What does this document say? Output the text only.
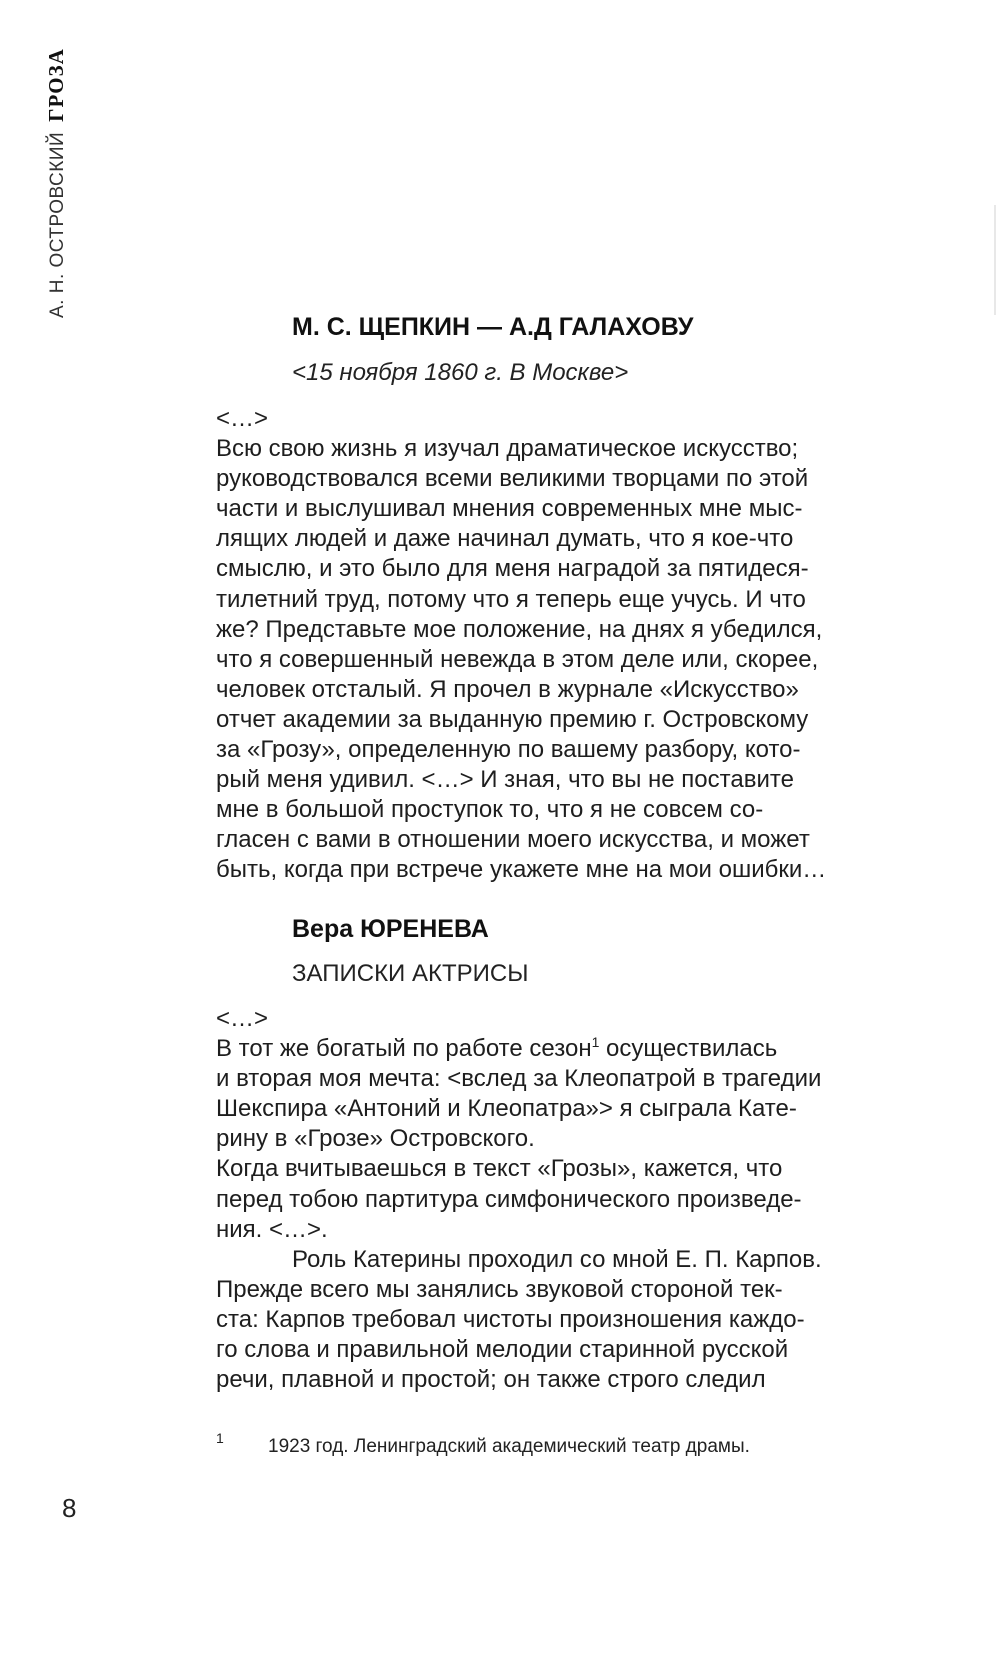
А. Н. ОСТРОВСКИЙГРОЗА
М. С. ЩЕПКИН — А.Д ГАЛАХОВУ
<15 ноября 1860 г. В Москве>
<…>
Всю свою жизнь я изучал драматическое искусство;
руководствовался всеми великими творцами по этой
части и выслушивал мнения современных мне мыс-
лящих людей и даже начинал думать, что я кое-что
смыслю, и это было для меня наградой за пятидеся-
тилетний труд, потому что я теперь еще учусь. И что
же? Представьте мое положение, на днях я убедился,
что я совершенный невежда в этом деле или, скорее,
человек отсталый. Я прочел в журнале «Искусство»
отчет академии за выданную премию г. Островскому
за «Грозу», определенную по вашему разбору, кото-
рый меня удивил. <…> И зная, что вы не поставите
мне в большой проступок то, что я не совсем со-
гласен с вами в отношении моего искусства, и может
быть, когда при встрече укажете мне на мои ошибки…
Вера ЮРЕНЕВА
ЗАПИСКИ АКТРИСЫ
<…>
В тот же богатый по работе сезон$^1$ осуществилась
и вторая моя мечта: <вслед за Клеопатрой в трагедии
Шекспира «Антоний и Клеопатра»> я сыграла Кате-
рину в «Грозе» Островского.
Когда вчитываешься в текст «Грозы», кажется, что
перед тобою партитура симфонического произведе-
ния. <…>.
Роль Катерины проходил со мной Е. П. Карпов.
Прежде всего мы занялись звуковой стороной тек-
ста: Карпов требовал чистоты произношения каждо-
го слова и правильной мелодии старинной русской
речи, плавной и простой; он также строго следил
1 1923 год. Ленинградский академический театр драмы.
8
